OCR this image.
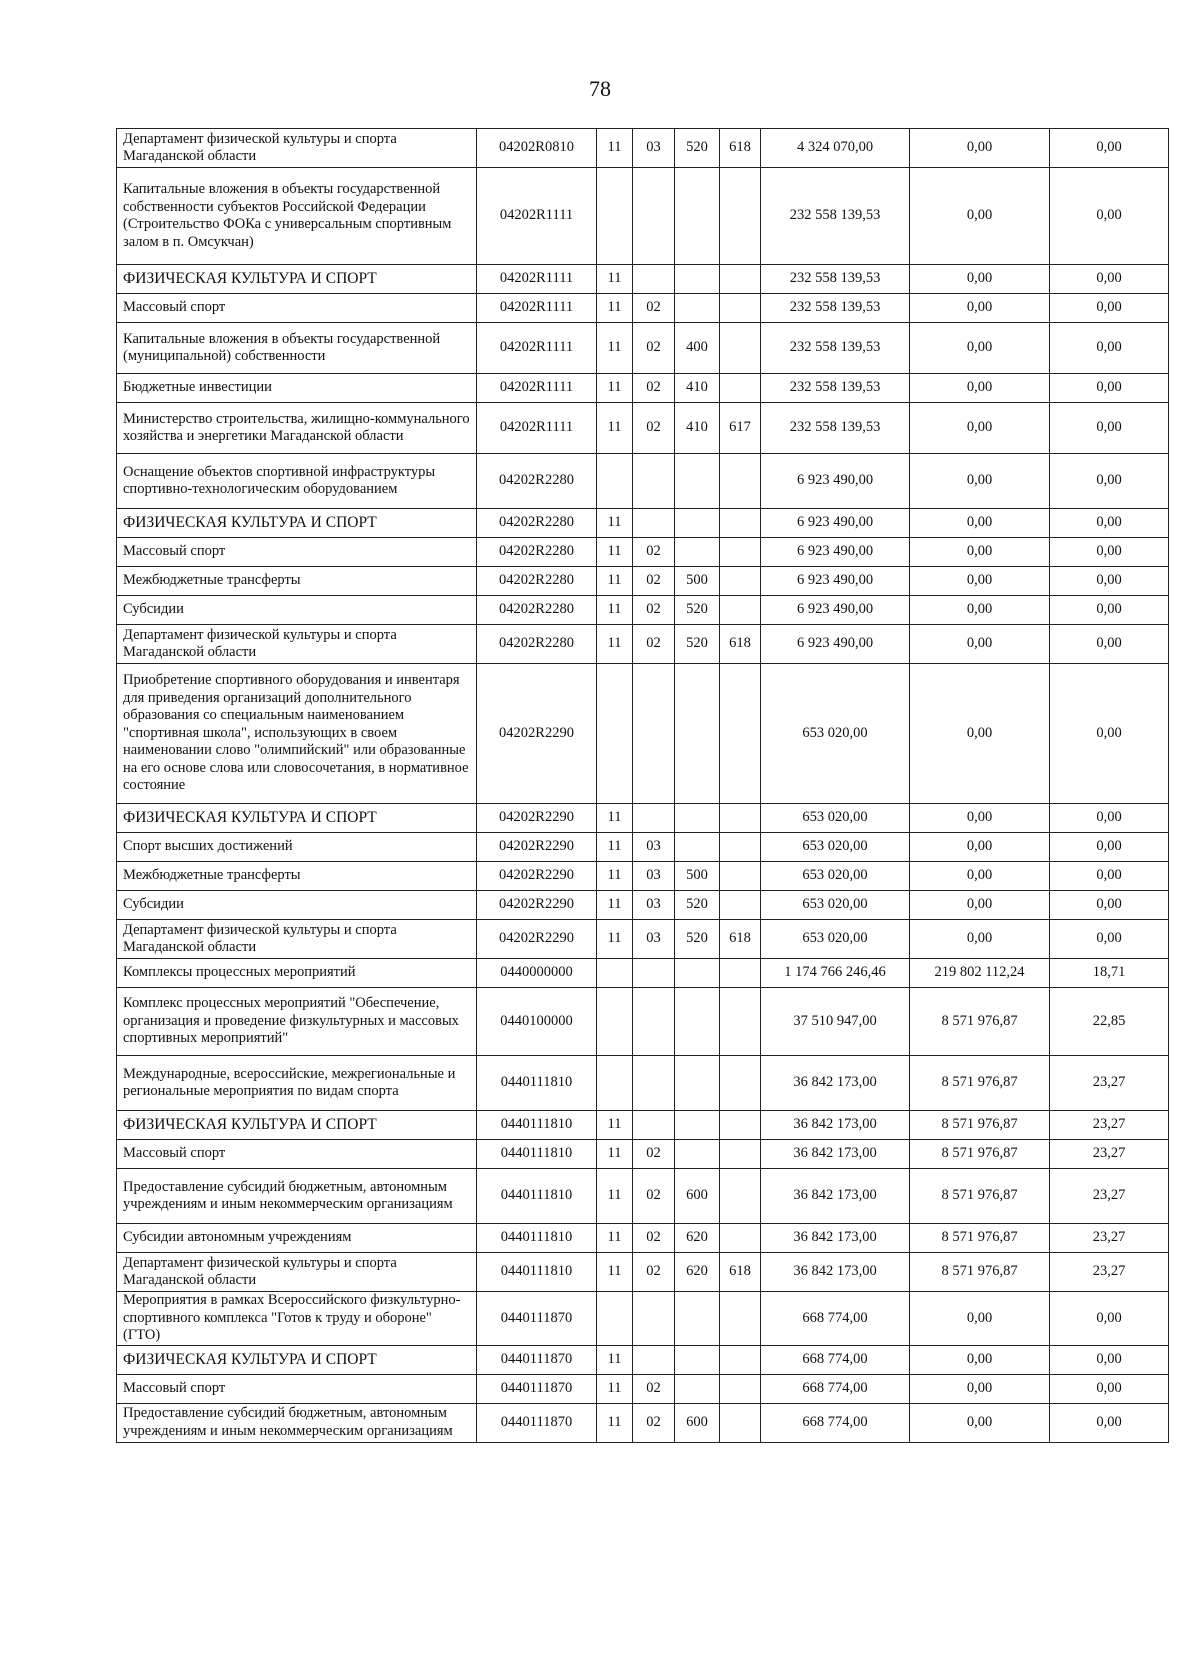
78
Департамент физической культуры и спорта Магаданской области	04202R0810	11	03	520	618	4 324 070,00	0,00	0,00
Капитальные вложения в объекты государственной собственности субъектов Российской Федерации (Строительство ФОКа с универсальным спортивным залом в п. Омсукчан)	04202R1111					232 558 139,53	0,00	0,00
ФИЗИЧЕСКАЯ КУЛЬТУРА И СПОРТ	04202R1111	11				232 558 139,53	0,00	0,00
Массовый спорт	04202R1111	11	02			232 558 139,53	0,00	0,00
Капитальные вложения в объекты государственной (муниципальной) собственности	04202R1111	11	02	400		232 558 139,53	0,00	0,00
Бюджетные инвестиции	04202R1111	11	02	410		232 558 139,53	0,00	0,00
Министерство строительства, жилищно-коммунального хозяйства и энергетики Магаданской области	04202R1111	11	02	410	617	232 558 139,53	0,00	0,00
Оснащение объектов спортивной инфраструктуры спортивно-технологическим оборудованием	04202R2280					6 923 490,00	0,00	0,00
ФИЗИЧЕСКАЯ КУЛЬТУРА И СПОРТ	04202R2280	11				6 923 490,00	0,00	0,00
Массовый спорт	04202R2280	11	02			6 923 490,00	0,00	0,00
Межбюджетные трансферты	04202R2280	11	02	500		6 923 490,00	0,00	0,00
Субсидии	04202R2280	11	02	520		6 923 490,00	0,00	0,00
Департамент физической культуры и спорта Магаданской области	04202R2280	11	02	520	618	6 923 490,00	0,00	0,00
Приобретение спортивного оборудования и инвентаря для приведения организаций дополнительного образования со специальным наименованием "спортивная школа", использующих в своем наименовании слово "олимпийский" или образованные на его основе слова или словосочетания, в нормативное состояние	04202R2290					653 020,00	0,00	0,00
ФИЗИЧЕСКАЯ КУЛЬТУРА И СПОРТ	04202R2290	11				653 020,00	0,00	0,00
Спорт высших достижений	04202R2290	11	03			653 020,00	0,00	0,00
Межбюджетные трансферты	04202R2290	11	03	500		653 020,00	0,00	0,00
Субсидии	04202R2290	11	03	520		653 020,00	0,00	0,00
Департамент физической культуры и спорта Магаданской области	04202R2290	11	03	520	618	653 020,00	0,00	0,00
Комплексы процессных мероприятий	0440000000					1 174 766 246,46	219 802 112,24	18,71
Комплекс процессных мероприятий "Обеспечение, организация и проведение физкультурных и массовых спортивных мероприятий"	0440100000					37 510 947,00	8 571 976,87	22,85
Международные, всероссийские, межрегиональные и региональные мероприятия по видам спорта	0440111810					36 842 173,00	8 571 976,87	23,27
ФИЗИЧЕСКАЯ КУЛЬТУРА И СПОРТ	0440111810	11				36 842 173,00	8 571 976,87	23,27
Массовый спорт	0440111810	11	02			36 842 173,00	8 571 976,87	23,27
Предоставление субсидий бюджетным, автономным учреждениям и иным некоммерческим организациям	0440111810	11	02	600		36 842 173,00	8 571 976,87	23,27
Субсидии автономным учреждениям	0440111810	11	02	620		36 842 173,00	8 571 976,87	23,27
Департамент физической культуры и спорта Магаданской области	0440111810	11	02	620	618	36 842 173,00	8 571 976,87	23,27
Мероприятия в рамках Всероссийского физкультурно-спортивного комплекса "Готов к труду и обороне" (ГТО)	0440111870					668 774,00	0,00	0,00
ФИЗИЧЕСКАЯ КУЛЬТУРА И СПОРТ	0440111870	11				668 774,00	0,00	0,00
Массовый спорт	0440111870	11	02			668 774,00	0,00	0,00
Предоставление субсидий бюджетным, автономным учреждениям и иным некоммерческим организациям	0440111870	11	02	600		668 774,00	0,00	0,00
